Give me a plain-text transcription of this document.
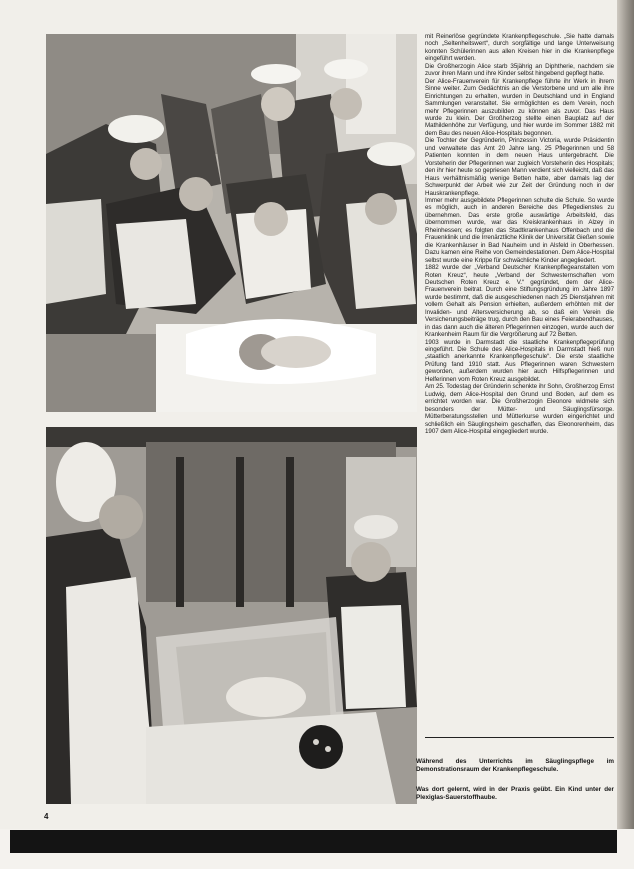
mit Reinerlöse gegründete Krankenpflegeschule. „Sie hatte damals noch „Seltenheitswert“, durch sorgfältige und lange Unterweisung konnten Schülerinnen aus allen Kreisen hier in die Krankenpflege eingeführt werden.

Die Großherzogin Alice starb 35jährig an Diphtherie, nachdem sie zuvor ihren Mann und ihre Kinder selbst hingebend gepflegt hatte.

Der Alice-Frauenverein für Krankenpflege führte ihr Werk in ihrem Sinne weiter. Zum Gedächtnis an die Verstorbene und um alle ihre Einrichtungen zu erhalten, wurden in Deutschland und in England Sammlungen veranstaltet. Sie ermöglichten es dem Verein, noch mehr Pflegerinnen auszubilden zu können als zuvor. Das Haus wurde zu klein. Der Großherzog stellte einen Bauplatz auf der Mathildenhöhe zur Verfügung, und hier wurde im Sommer 1882 mit dem Bau des neuen Alice-Hospitals begonnen.

Die Tochter der Gegründerin, Prinzessin Victoria, wurde Präsidentin und verwaltete das Amt 20 Jahre lang. 25 Pflegerinnen und 58 Patienten konnten in dem neuen Haus untergebracht. Die Vorsteherin der Pflegerinnen war zugleich Vorsteherin des Hospitals; den ihr hier heute so gepriesen Mann verdient sich vielleicht, daß das Haus verhältnismäßig wenige Betten hatte, aber damals lag der Schwerpunkt der Arbeit wie zur Zeit der Gründung noch in der Hauskrankenpflege.

Immer mehr ausgebildete Pflegerinnen schulte die Schule. So wurde es möglich, auch in anderen Bereiche des Pflegedienstes zu übernehmen. Das erste große auswärtige Arbeitsfeld, das übernommen wurde, war das Kreiskrankenhaus in Alzey in Rheinhessen; es folgten das Stadtkrankenhaus Offenbach und die Frauenklinik und die Irrenärztliche Klinik der Universität Gießen sowie die Krankenhäuser in Bad Nauheim und in Alsfeld in Oberhessen. Dazu kamen eine Reihe von Gemeindestationen. Dem Alice-Hospital selbst wurde eine Krippe für schwächliche Kinder angegliedert.

1882 wurde der „Verband Deutscher Krankenpflegeanstalten vom Roten Kreuz“, heute „Verband der Schwesternschaften vom Deutschen Roten Kreuz e. V.“ gegründet, dem der Alice-Frauenverein beitrat. Durch eine Stiftungsgründung im Jahre 1897 wurde bestimmt, daß die ausgeschiedenen nach 25 Dienstjahren mit vollem Gehalt als Pension erhielten, außerdem erhöhten mit der Invaliden- und Altersversicherung ab, so daß ein Verein die Versicherungsbeiträge trug, durch den Bau eines Feierabendhauses, in das dann auch die älteren Pflegerinnen einzogen, wurde auch der Krankenheim Raum für die Vergrößerung auf 72 Betten.

1903 wurde in Darmstadt die staatliche Krankenpflegeprüfung eingeführt. Die Schule des Alice-Hospitals in Darmstadt hieß nun „staatlich anerkannte Krankenpflegeschule“. Die erste staatliche Prüfung fand 1910 statt. Aus Pflegerinnen waren Schwestern geworden, außerdem wurden hier auch Hilfspflegerinnen und Helferinnen vom Roten Kreuz ausgebildet.

Am 25. Todestag der Gründerin schenkte ihr Sohn, Großherzog Ernst Ludwig, dem Alice-Hospital den Grund und Boden, auf dem es errichtet worden war. Die Großherzogin Eleonore widmete sich besonders der Mütter- und Säuglingsfürsorge. Mütterberatungsstellen und Mütterkurse wurden eingerichtet und schließlich ein Säuglingsheim geschaffen, das Eleonorenheim, das 1907 dem Alice-Hospital eingegliedert wurde.

Während des Unterrichts im Säuglingspflege im Demonstrationsraum der Krankenpflegeschule.

Was dort gelernt, wird in der Praxis geübt. Ein Kind unter der Plexiglas-Sauerstoffhaube.

4
